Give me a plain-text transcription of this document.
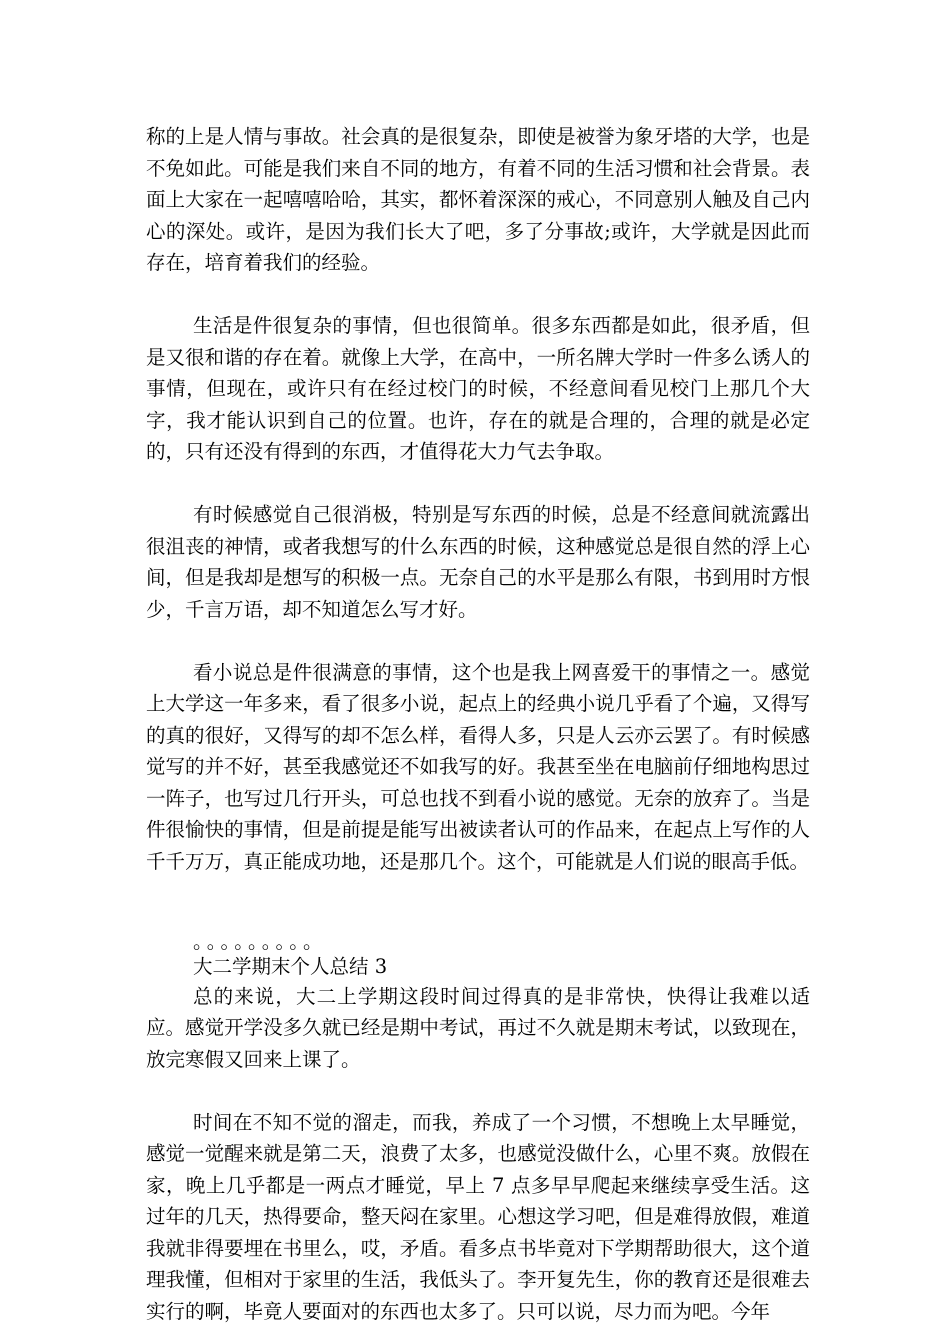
称的上是人情与事故。社会真的是很复杂，即使是被誉为象牙塔的大学，也是不免如此。可能是我们来自不同的地方，有着不同的生活习惯和社会背景。表面上大家在一起嘻嘻哈哈，其实，都怀着深深的戒心，不同意别人触及自己内心的深处。或许，是因为我们长大了吧，多了分事故;或许，大学就是因此而存在，培育着我们的经验。

生活是件很复杂的事情，但也很简单。很多东西都是如此，很矛盾，但是又很和谐的存在着。就像上大学，在高中，一所名牌大学时一件多么诱人的事情，但现在，或许只有在经过校门的时候，不经意间看见校门上那几个大字，我才能认识到自己的位置。也许，存在的就是合理的，合理的就是必定的，只有还没有得到的东西，才值得花大力气去争取。

有时候感觉自己很消极，特别是写东西的时候，总是不经意间就流露出很沮丧的神情，或者我想写的什么东西的时候，这种感觉总是很自然的浮上心间，但是我却是想写的积极一点。无奈自己的水平是那么有限，书到用时方恨少，千言万语，却不知道怎么写才好。

看小说总是件很满意的事情，这个也是我上网喜爱干的事情之一。感觉上大学这一年多来，看了很多小说，起点上的经典小说几乎看了个遍，又得写的真的很好，又得写的却不怎么样，看得人多，只是人云亦云罢了。有时候感觉写的并不好，甚至我感觉还不如我写的好。我甚至坐在电脑前仔细地构思过一阵子，也写过几行开头，可总也找不到看小说的感觉。无奈的放弃了。当是件很愉快的事情，但是前提是能写出被读者认可的作品来，在起点上写作的人千千万万，真正能成功地，还是那几个。这个，可能就是人们说的眼高手低。

。。。。。。。。。

大二学期末个人总结 3

总的来说，大二上学期这段时间过得真的是非常快，快得让我难以适应。感觉开学没多久就已经是期中考试，再过不久就是期末考试，以致现在，放完寒假又回来上课了。

时间在不知不觉的溜走，而我，养成了一个习惯，不想晚上太早睡觉，感觉一觉醒来就是第二天，浪费了太多，也感觉没做什么，心里不爽。放假在家，晚上几乎都是一两点才睡觉，早上 7 点多早早爬起来继续享受生活。这过年的几天，热得要命，整天闷在家里。心想这学习吧，但是难得放假，难道我就非得要埋在书里么，哎，矛盾。看多点书毕竟对下学期帮助很大，这个道理我懂，但相对于家里的生活，我低头了。李开复先生，你的教育还是很难去实行的啊，毕竟人要面对的东西也太多了。只可以说，尽力而为吧。今年
